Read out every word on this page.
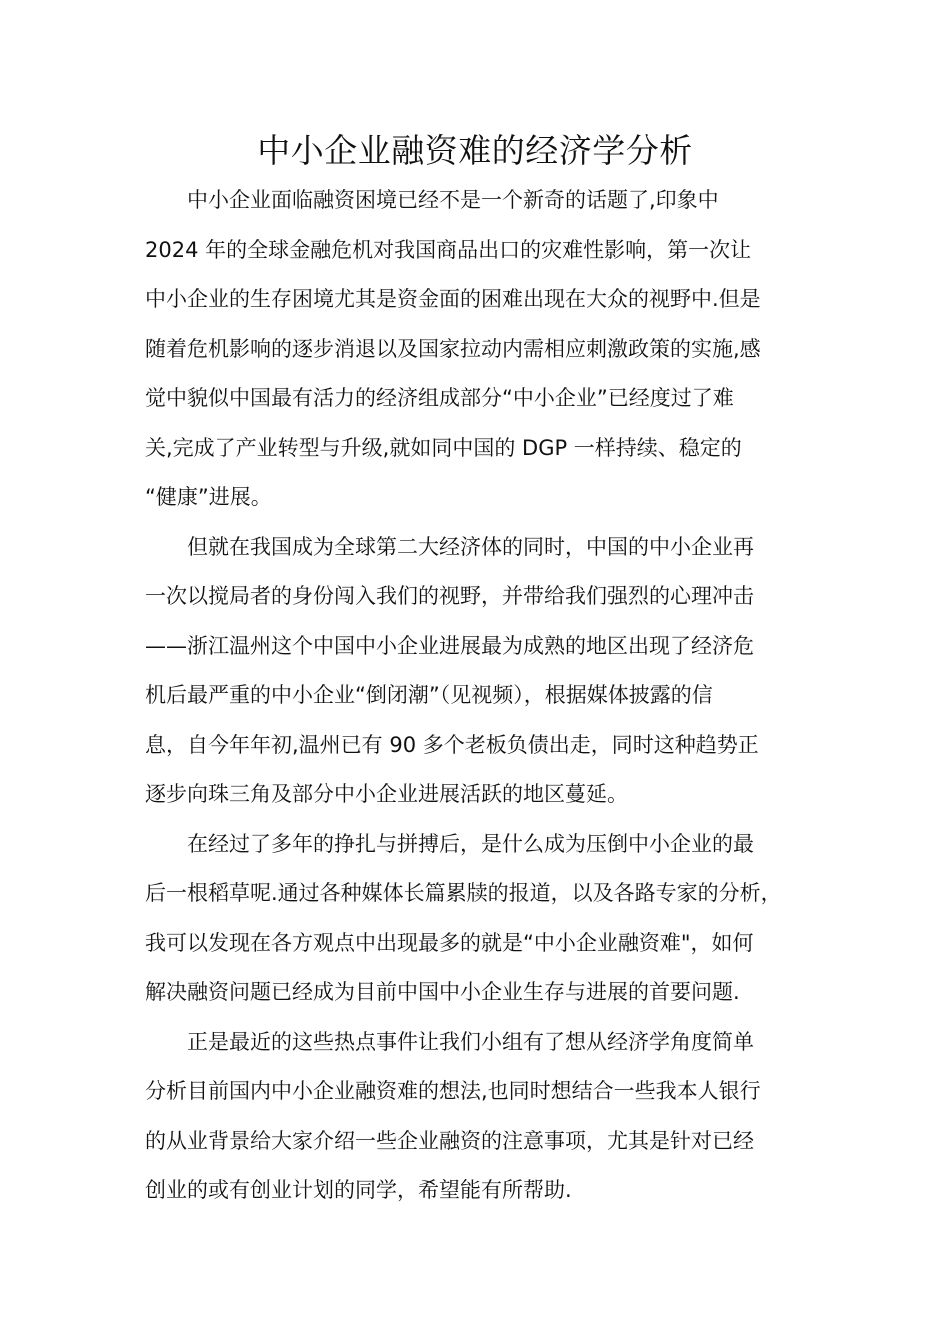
中小企业融资难的经济学分析
中小企业面临融资困境已经不是一个新奇的话题了,印象中
2024 年的全球金融危机对我国商品出口的灾难性影响，第一次让
中小企业的生存困境尤其是资金面的困难出现在大众的视野中.但是
随着危机影响的逐步消退以及国家拉动内需相应刺激政策的实施,感
觉中貌似中国最有活力的经济组成部分“中小企业”已经度过了难
关,完成了产业转型与升级,就如同中国的 DGP 一样持续、稳定的
“健康”进展。
但就在我国成为全球第二大经济体的同时，中国的中小企业再
一次以搅局者的身份闯入我们的视野，并带给我们强烈的心理冲击
——浙江温州这个中国中小企业进展最为成熟的地区出现了经济危
机后最严重的中小企业“倒闭潮”（见视频），根据媒体披露的信
息，自今年年初,温州已有 90 多个老板负债出走，同时这种趋势正
逐步向珠三角及部分中小企业进展活跃的地区蔓延。
在经过了多年的挣扎与拼搏后，是什么成为压倒中小企业的最
后一根稻草呢.通过各种媒体长篇累牍的报道，以及各路专家的分析，
我可以发现在各方观点中出现最多的就是“中小企业融资难"，如何
解决融资问题已经成为目前中国中小企业生存与进展的首要问题.
正是最近的这些热点事件让我们小组有了想从经济学角度简单
分析目前国内中小企业融资难的想法,也同时想结合一些我本人银行
的从业背景给大家介绍一些企业融资的注意事项，尤其是针对已经
创业的或有创业计划的同学，希望能有所帮助.
